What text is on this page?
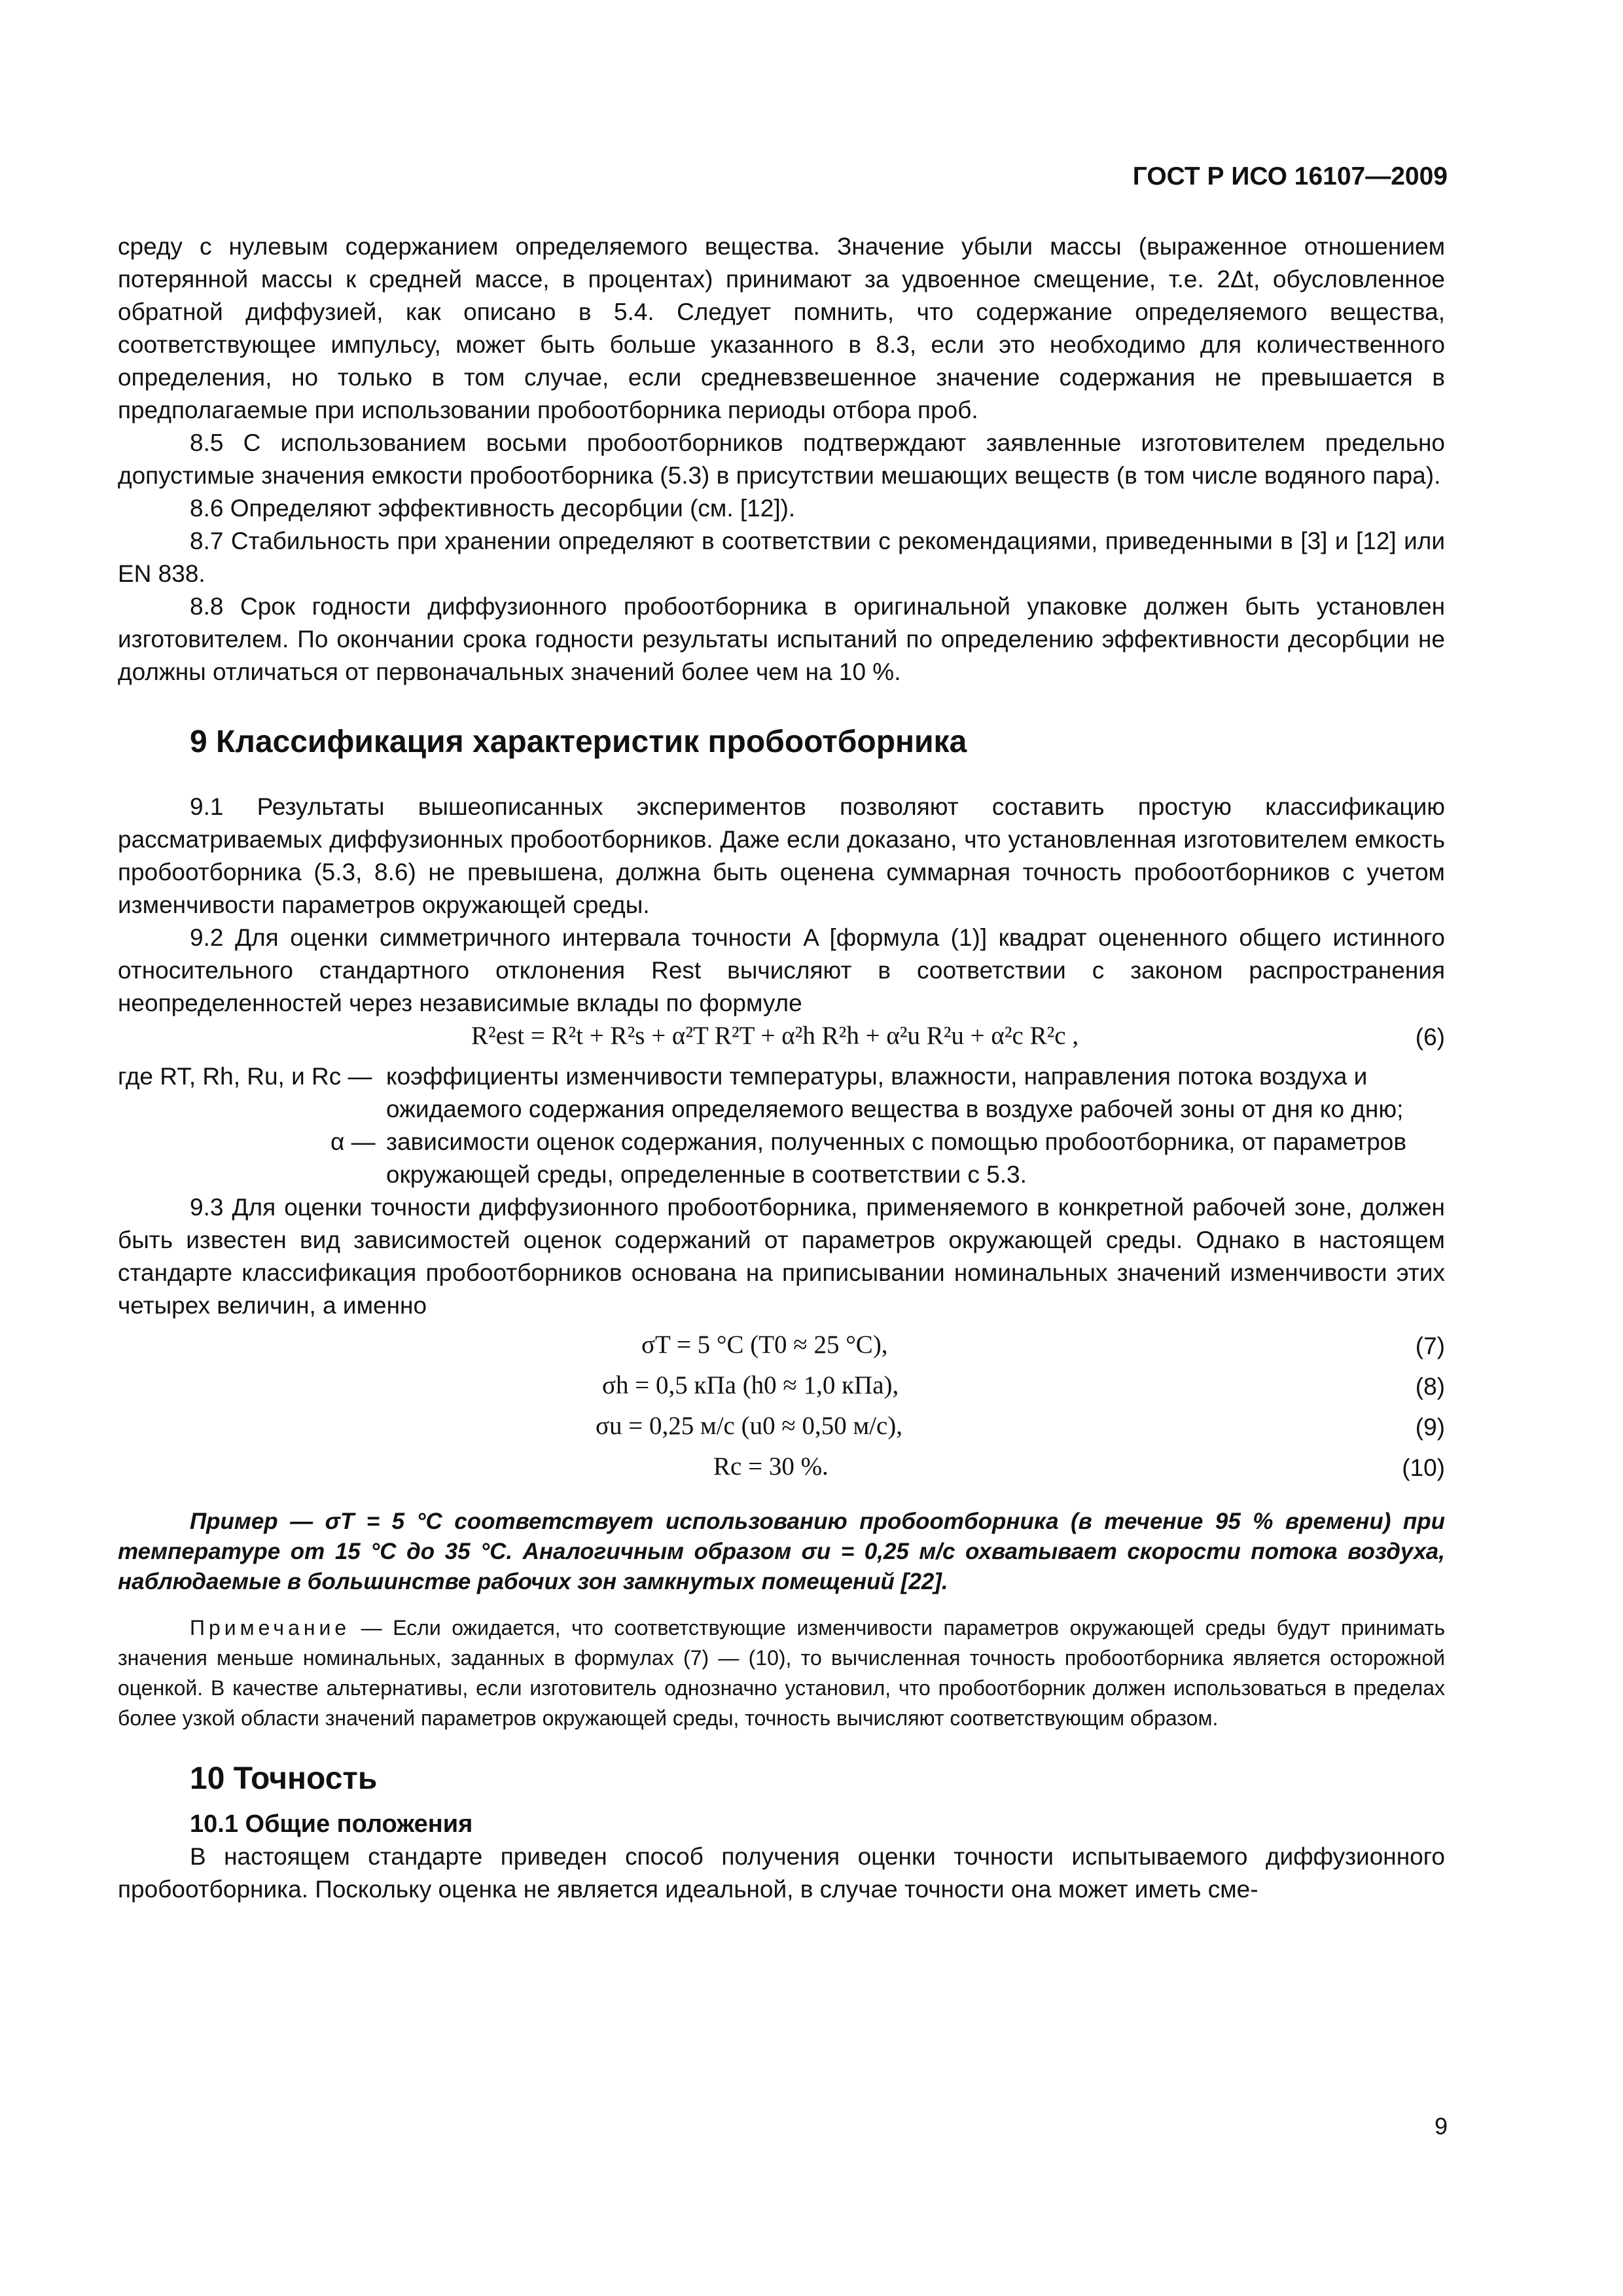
ГОСТ Р ИСО 16107—2009

среду с нулевым содержанием определяемого вещества. Значение убыли массы (выраженное отношением потерянной массы к средней массе, в процентах) принимают за удвоенное смещение, т.е. 2Δt, обусловленное обратной диффузией, как описано в 5.4. Следует помнить, что содержание определяемого вещества, соответствующее импульсу, может быть больше указанного в 8.3, если это необходимо для количественного определения, но только в том случае, если средневзвешенное значение содержания не превышается в предполагаемые при использовании пробоотборника периоды отбора проб.

8.5 С использованием восьми пробоотборников подтверждают заявленные изготовителем предельно допустимые значения емкости пробоотборника (5.3) в присутствии мешающих веществ (в том числе водяного пара).

8.6 Определяют эффективность десорбции (см. [12]).

8.7 Стабильность при хранении определяют в соответствии с рекомендациями, приведенными в [3] и [12] или EN 838.

8.8 Срок годности диффузионного пробоотборника в оригинальной упаковке должен быть установлен изготовителем. По окончании срока годности результаты испытаний по определению эффективности десорбции не должны отличаться от первоначальных значений более чем на 10 %.

9 Классификация характеристик пробоотборника

9.1 Результаты вышеописанных экспериментов позволяют составить простую классификацию рассматриваемых диффузионных пробоотборников. Даже если доказано, что установленная изготовителем емкость пробоотборника (5.3, 8.6) не превышена, должна быть оценена суммарная точность пробоотборников с учетом изменчивости параметров окружающей среды.

9.2 Для оценки симметричного интервала точности A [формула (1)] квадрат оцененного общего истинного относительного стандартного отклонения Rest вычисляют в соответствии с законом распространения неопределенностей через независимые вклады по формуле

R²est = R²t + R²s + α²T R²T + α²h R²h + α²u R²u + α²c R²c ,	(6)
где RT, Rh, Ru, и Rc — коэффициенты изменчивости температуры, влажности, направления потока воздуха и ожидаемого содержания определяемого вещества в воздухе рабочей зоны от дня ко дню;
α — зависимости оценок содержания, полученных с помощью пробоотборника, от параметров окружающей среды, определенные в соответствии с 5.3.

9.3 Для оценки точности диффузионного пробоотборника, применяемого в конкретной рабочей зоне, должен быть известен вид зависимостей оценок содержаний от параметров окружающей среды. Однако в настоящем стандарте классификация пробоотборников основана на приписывании номинальных значений изменчивости этих четырех величин, а именно

σT = 5 °C (T0 ≈ 25 °C),	(7)
σh = 0,5 кПа (h0 ≈ 1,0 кПа),	(8)
σu = 0,25 м/с (u0 ≈ 0,50 м/с),	(9)
Rc = 30 %.	(10)

Пример — σT = 5 °C соответствует использованию пробоотборника (в течение 95 % времени) при температуре от 15 °C до 35 °C. Аналогичным образом σu = 0,25 м/с охватывает скорости потока воздуха, наблюдаемые в большинстве рабочих зон замкнутых помещений [22].

Примечание — Если ожидается, что соответствующие изменчивости параметров окружающей среды будут принимать значения меньше номинальных, заданных в формулах (7) — (10), то вычисленная точность пробоотборника является осторожной оценкой. В качестве альтернативы, если изготовитель однозначно установил, что пробоотборник должен использоваться в пределах более узкой области значений параметров окружающей среды, точность вычисляют соответствующим образом.

10 Точность
10.1 Общие положения

В настоящем стандарте приведен способ получения оценки точности испытываемого диффузионного пробоотборника. Поскольку оценка не является идеальной, в случае точности она может иметь сме-

9
